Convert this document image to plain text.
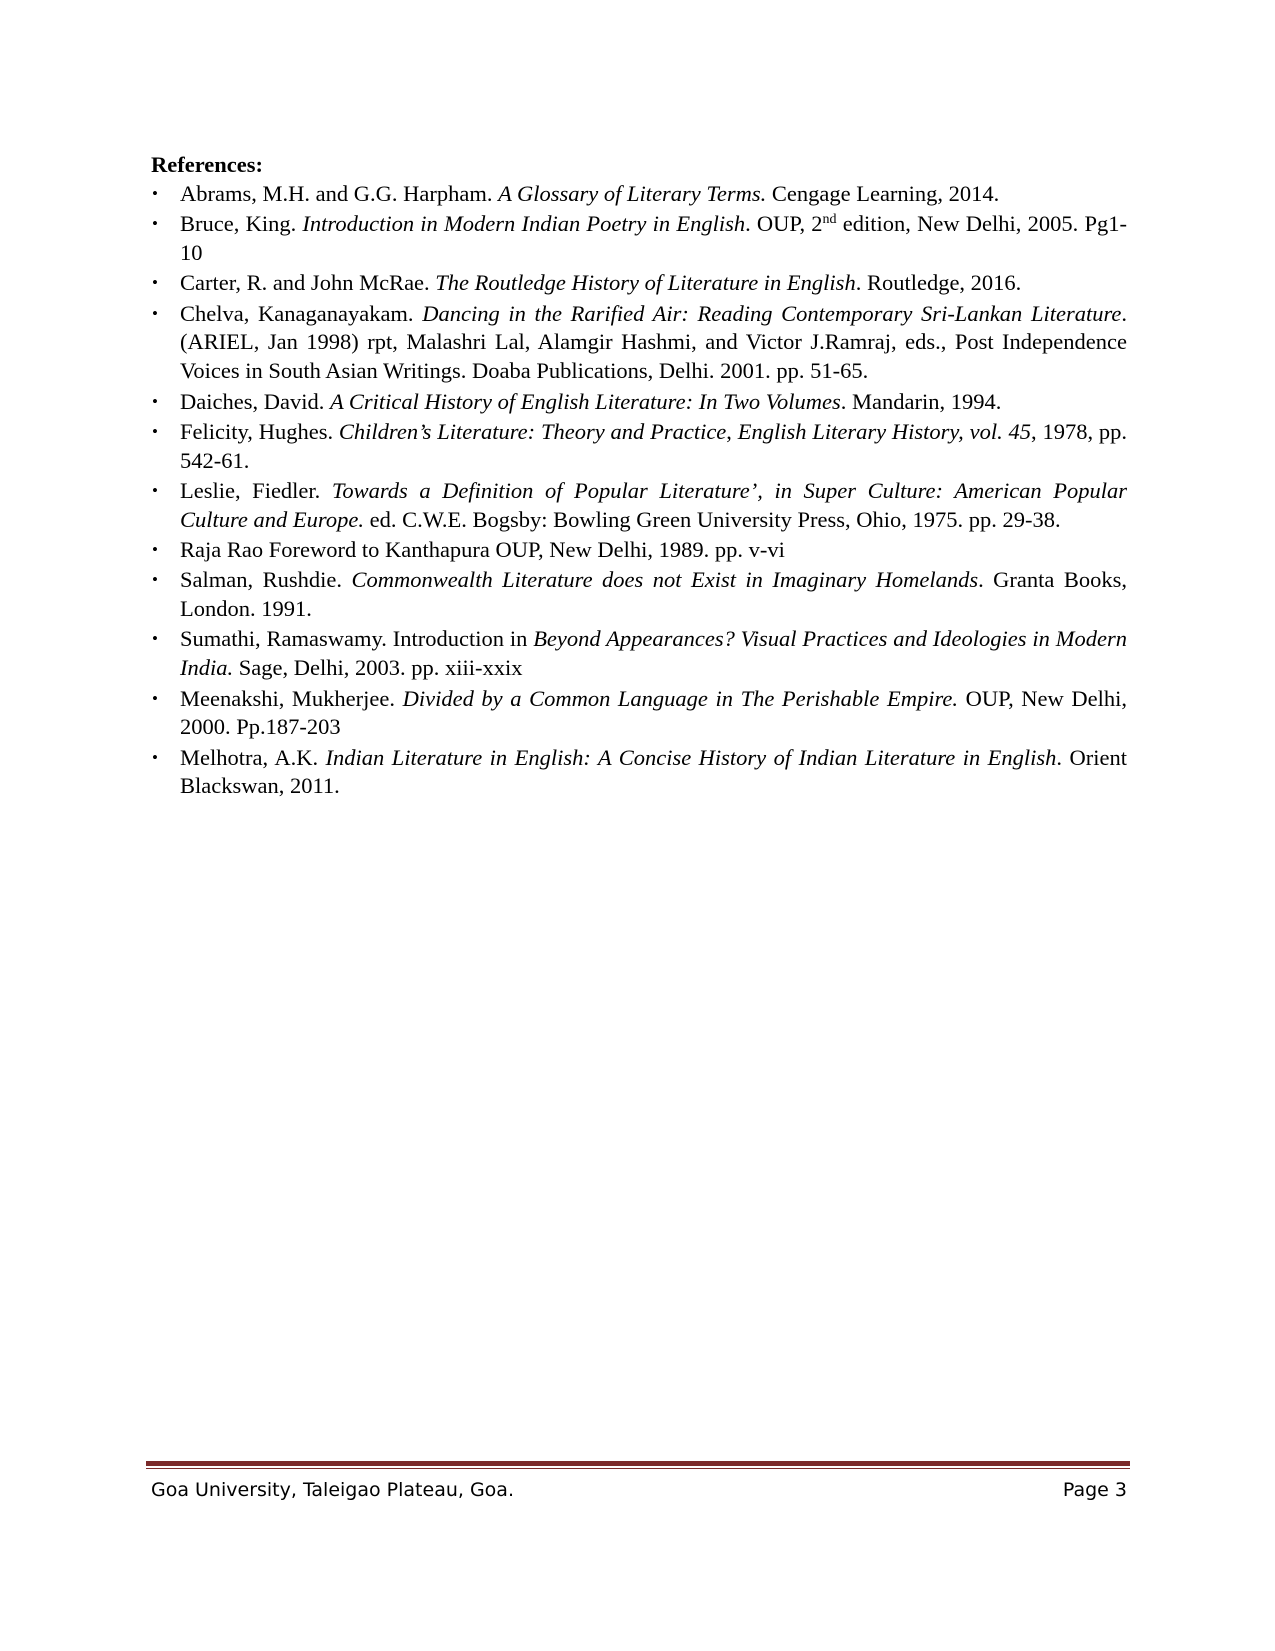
References:

• Abrams, M.H. and G.G. Harpham. A Glossary of Literary Terms. Cengage Learning, 2014.
• Bruce, King. Introduction in Modern Indian Poetry in English. OUP, 2nd edition, New Delhi, 2005. Pg1-10
• Carter, R. and John McRae. The Routledge History of Literature in English. Routledge, 2016.
• Chelva, Kanaganayakam. Dancing in the Rarified Air: Reading Contemporary Sri-Lankan Literature. (ARIEL, Jan 1998) rpt, Malashri Lal, Alamgir Hashmi, and Victor J.Ramraj, eds., Post Independence Voices in South Asian Writings. Doaba Publications, Delhi. 2001. pp. 51-65.
• Daiches, David. A Critical History of English Literature: In Two Volumes. Mandarin, 1994.
• Felicity, Hughes. Children’s Literature: Theory and Practice, English Literary History, vol. 45, 1978, pp. 542-61.
• Leslie, Fiedler. Towards a Definition of Popular Literature’, in Super Culture: American Popular Culture and Europe. ed. C.W.E. Bogsby: Bowling Green University Press, Ohio, 1975. pp. 29-38.
• Raja Rao Foreword to Kanthapura OUP, New Delhi, 1989. pp. v-vi
• Salman, Rushdie. Commonwealth Literature does not Exist in Imaginary Homelands. Granta Books, London. 1991.
• Sumathi, Ramaswamy. Introduction in Beyond Appearances? Visual Practices and Ideologies in Modern India. Sage, Delhi, 2003. pp. xiii-xxix
• Meenakshi, Mukherjee. Divided by a Common Language in The Perishable Empire. OUP, New Delhi, 2000. Pp.187-203
• Melhotra, A.K. Indian Literature in English: A Concise History of Indian Literature in English. Orient Blackswan, 2011.
Goa University, Taleigao Plateau, Goa.	Page 3
